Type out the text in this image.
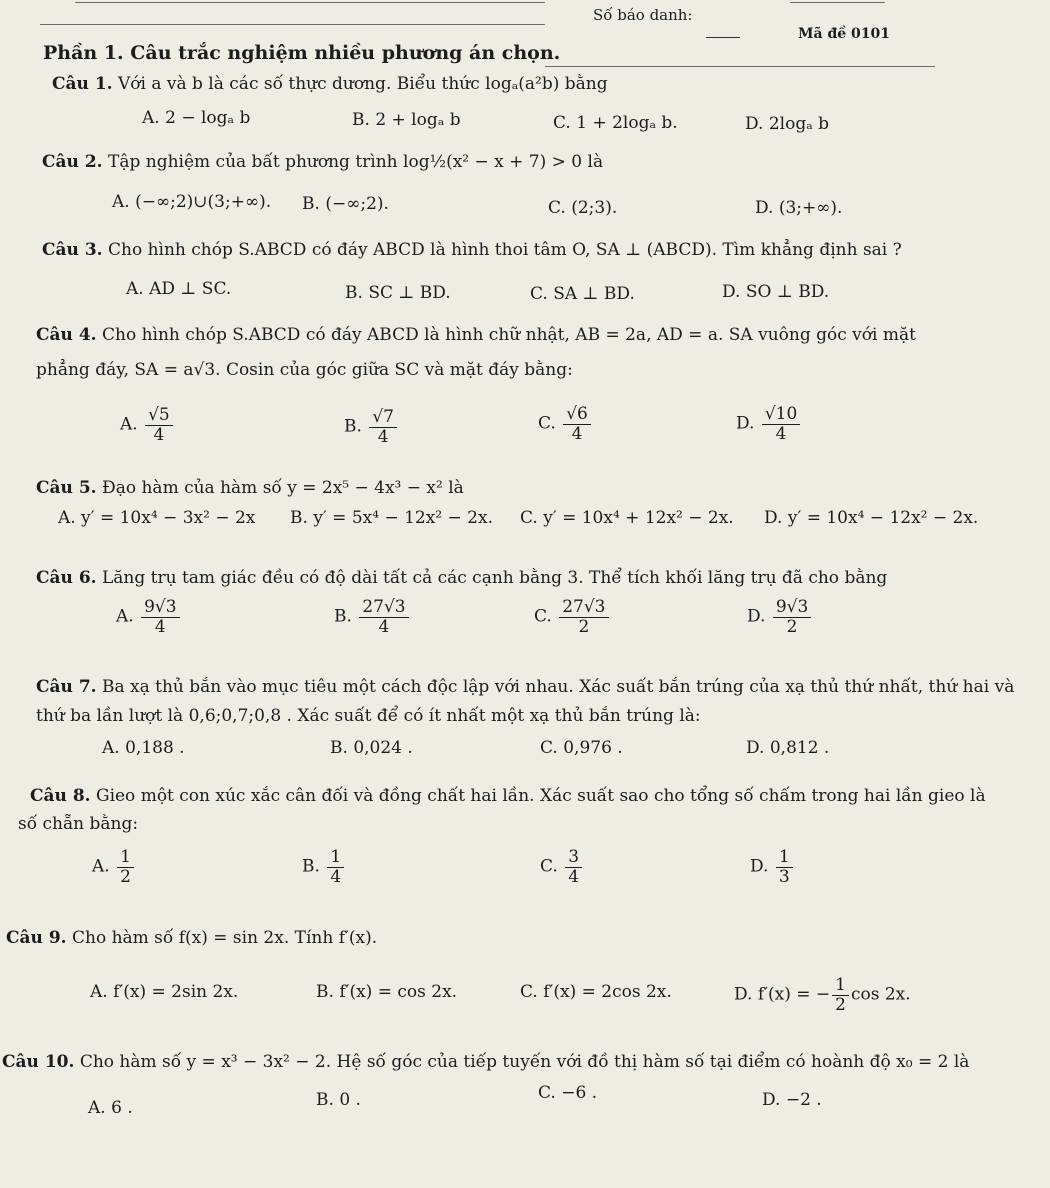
Số báo danh:
Mã đề 0101
Phần 1. Câu trắc nghiệm nhiều phương án chọn.
Câu 1. Với a và b là các số thực dương. Biểu thức logₐ(a²b) bằng
A. 2 − logₐ b	B. 2 + logₐ b	C. 1 + 2logₐ b.	D. 2logₐ b
Câu 2. Tập nghiệm của bất phương trình log½(x² − x + 7) > 0 là
A. (−∞;2)∪(3;+∞). B. (−∞;2).	C. (2;3).	D. (3;+∞).
Câu 3. Cho hình chóp S.ABCD có đáy ABCD là hình thoi tâm O, SA ⊥ (ABCD). Tìm khẳng định sai ?
A. AD ⊥ SC.	B. SC ⊥ BD.	C. SA ⊥ BD.	D. SO ⊥ BD.
Câu 4. Cho hình chóp S.ABCD có đáy ABCD là hình chữ nhật, AB = 2a, AD = a. SA vuông góc với mặt
phẳng đáy, SA = a√3. Cosin của góc giữa SC và mặt đáy bằng:
A. $\frac{√5}{4}$	B. $\frac{√7}{4}$	C. $\frac{√6}{4}$	D. $\frac{√10}{4}$
Câu 5. Đạo hàm của hàm số y = 2x⁵ − 4x³ − x² là
A. y′ = 10x⁴ − 3x² − 2x B. y′ = 5x⁴ − 12x² − 2x. C. y′ = 10x⁴ + 12x² − 2x. D. y′ = 10x⁴ − 12x² − 2x.
Câu 6. Lăng trụ tam giác đều có độ dài tất cả các cạnh bằng 3. Thể tích khối lăng trụ đã cho bằng
A. $\frac{9√3}{4}$	B. $\frac{27√3}{4}$	C. $\frac{27√3}{2}$	D. $\frac{9√3}{2}$
Câu 7. Ba xạ thủ bắn vào mục tiêu một cách độc lập với nhau. Xác suất bắn trúng của xạ thủ thứ nhất, thứ hai và
thứ ba lần lượt là 0,6;0,7;0,8 . Xác suất để có ít nhất một xạ thủ bắn trúng là:
A. 0,188 .	B. 0,024 .	C. 0,976 .	D. 0,812 .
Câu 8. Gieo một con xúc xắc cân đối và đồng chất hai lần. Xác suất sao cho tổng số chấm trong hai lần gieo là
số chẵn bằng:
A. $\frac{1}{2}$	B. $\frac{1}{4}$	C. $\frac{3}{4}$	D. $\frac{1}{3}$
Câu 9. Cho hàm số f(x) = sin 2x. Tính f′(x).
A. f′(x) = 2sin 2x.	B. f′(x) = cos 2x.	C. f′(x) = 2cos 2x.	D. f′(x) = − $\frac{1}{2}$ cos 2x.
Câu 10. Cho hàm số y = x³ − 3x² − 2. Hệ số góc của tiếp tuyến với đồ thị hàm số tại điểm có hoành độ x₀ = 2 là
A. 6 .	B. 0 .	C. −6 .	D. −2 .
